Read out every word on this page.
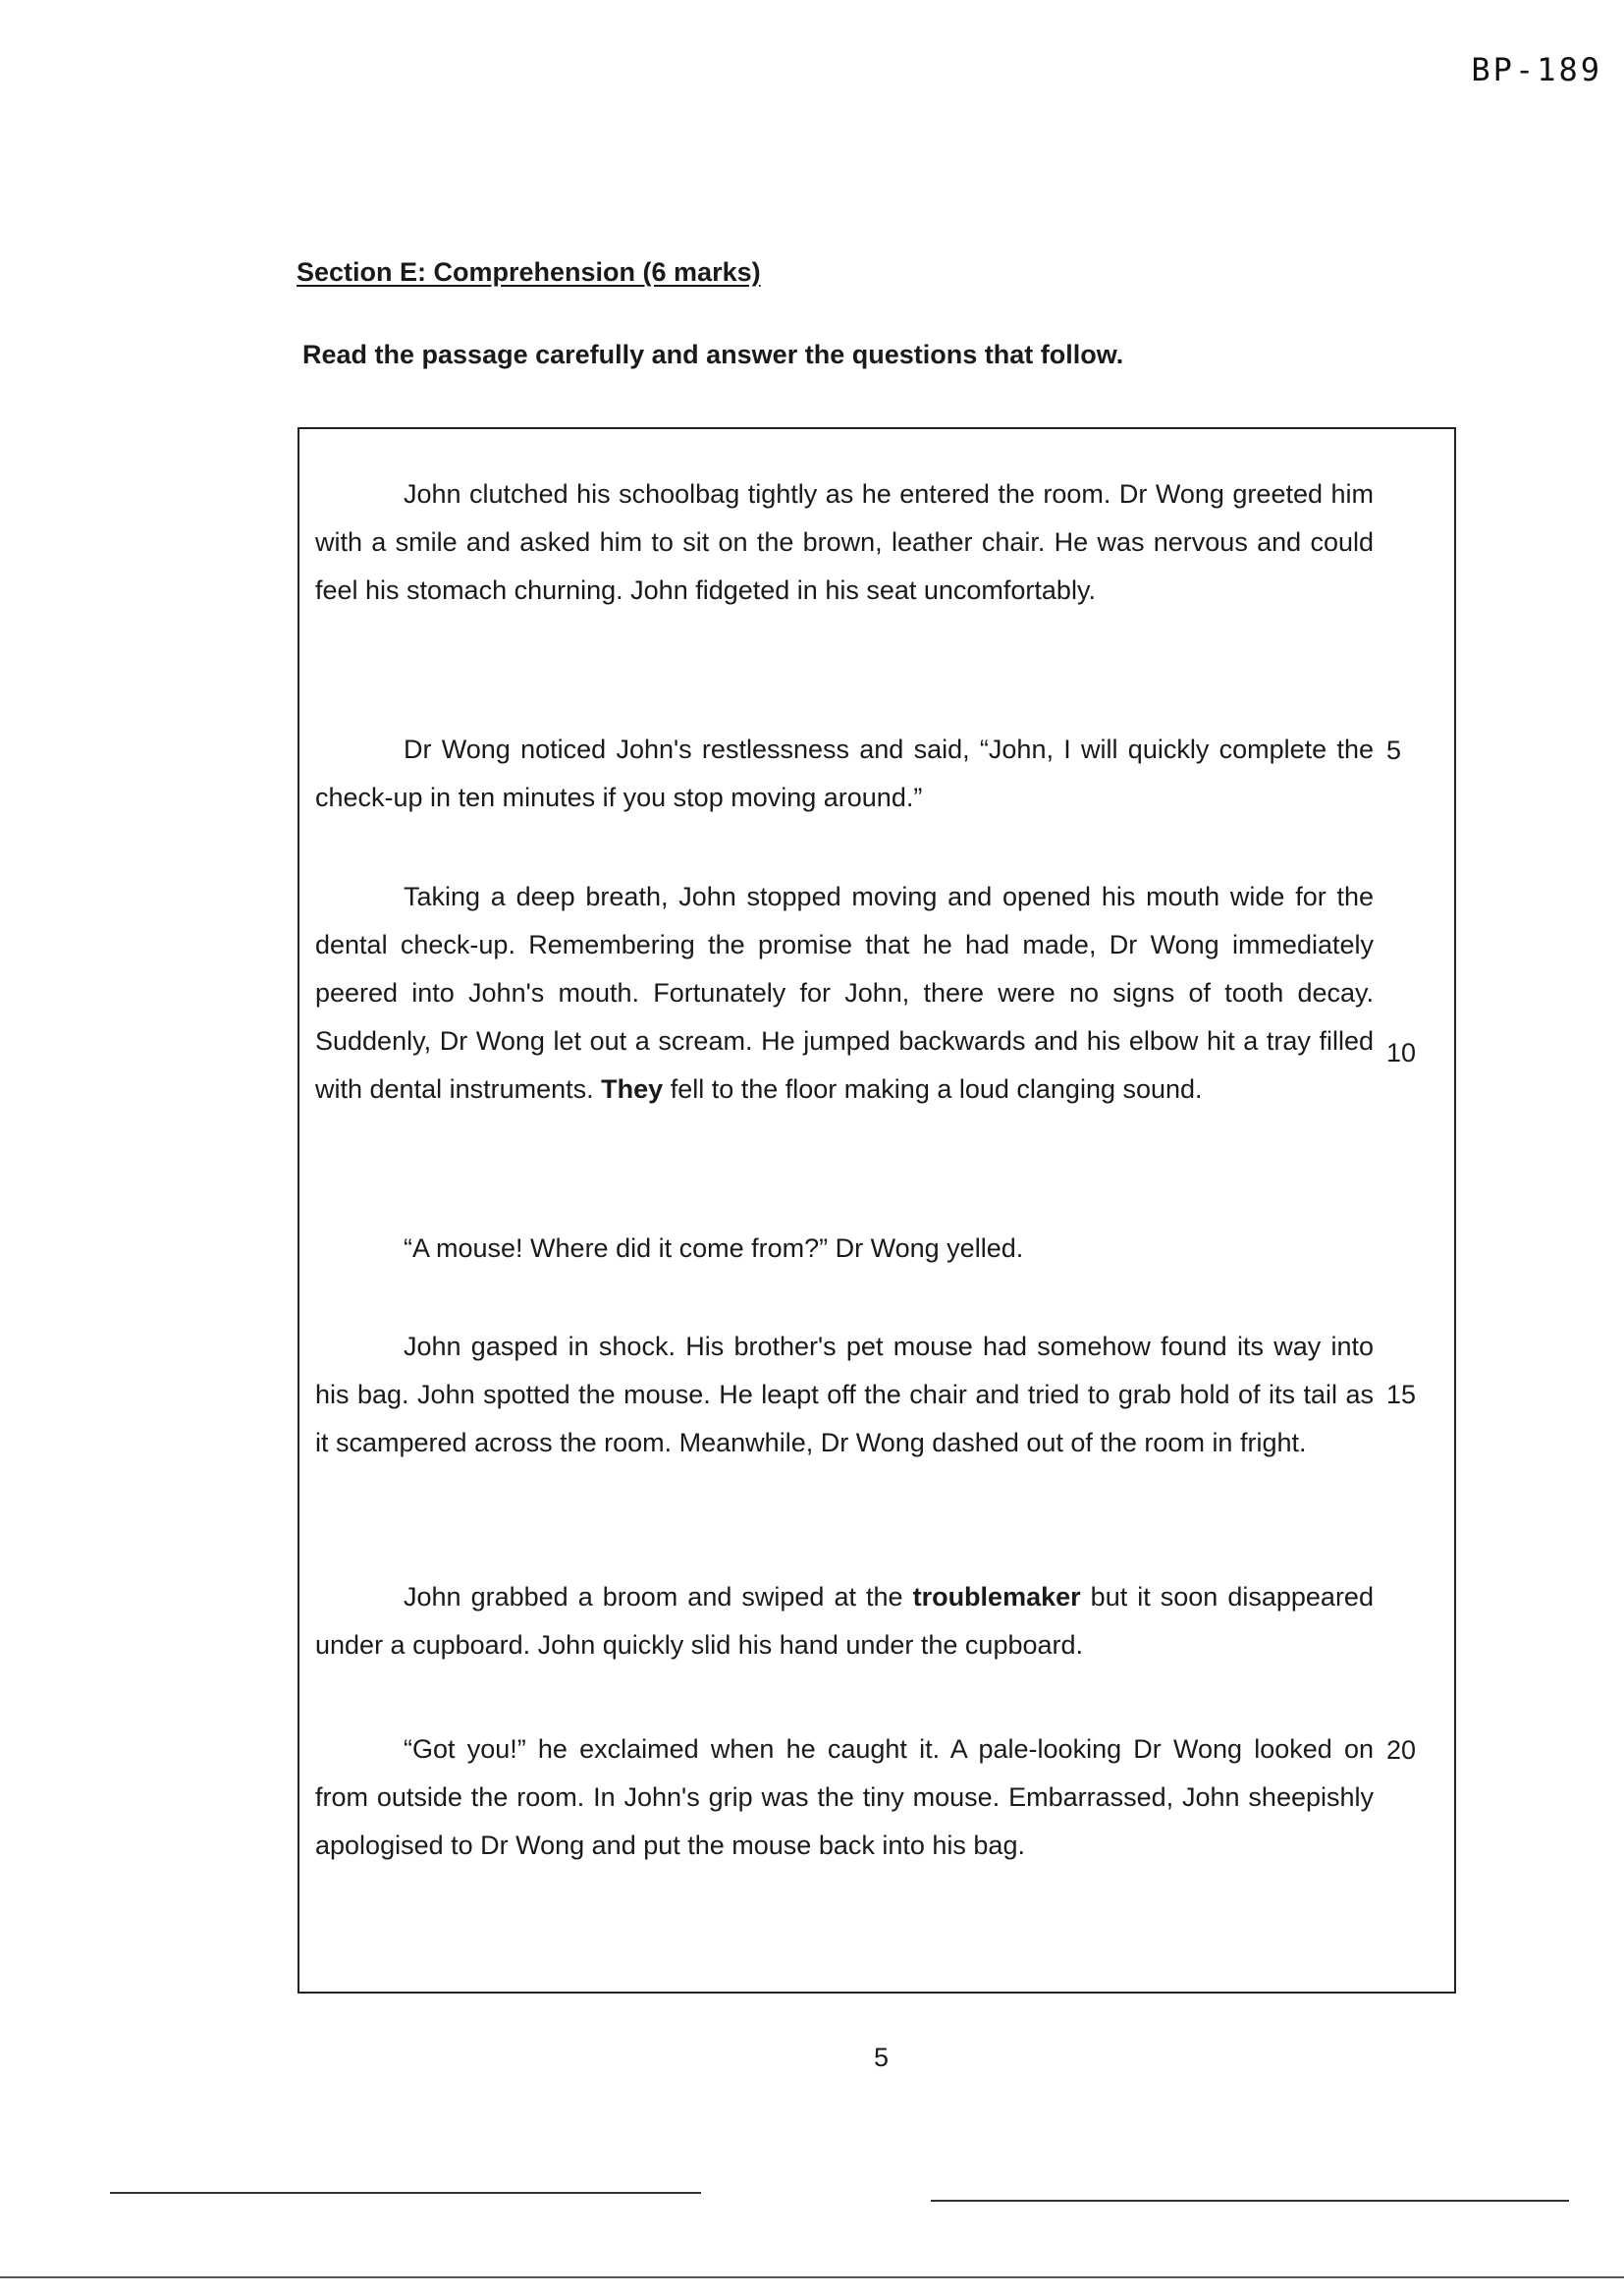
BP-189
Section E: Comprehension (6 marks)
Read the passage carefully and answer the questions that follow.
John clutched his schoolbag tightly as he entered the room. Dr Wong greeted him with a smile and asked him to sit on the brown, leather chair. He was nervous and could feel his stomach churning. John fidgeted in his seat uncomfortably.
Dr Wong noticed John's restlessness and said, “John, I will quickly complete the check-up in ten minutes if you stop moving around.”
5
Taking a deep breath, John stopped moving and opened his mouth wide for the dental check-up. Remembering the promise that he had made, Dr Wong immediately peered into John's mouth. Fortunately for John, there were no signs of tooth decay. Suddenly, Dr Wong let out a scream. He jumped backwards and his elbow hit a tray filled with dental instruments. They fell to the floor making a loud clanging sound.
10
“A mouse! Where did it come from?” Dr Wong yelled.
John gasped in shock. His brother's pet mouse had somehow found its way into his bag. John spotted the mouse. He leapt off the chair and tried to grab hold of its tail as it scampered across the room. Meanwhile, Dr Wong dashed out of the room in fright.
15
John grabbed a broom and swiped at the troublemaker but it soon disappeared under a cupboard. John quickly slid his hand under the cupboard.
“Got you!” he exclaimed when he caught it. A pale-looking Dr Wong looked on from outside the room. In John's grip was the tiny mouse. Embarrassed, John sheepishly apologised to Dr Wong and put the mouse back into his bag.
20
5
